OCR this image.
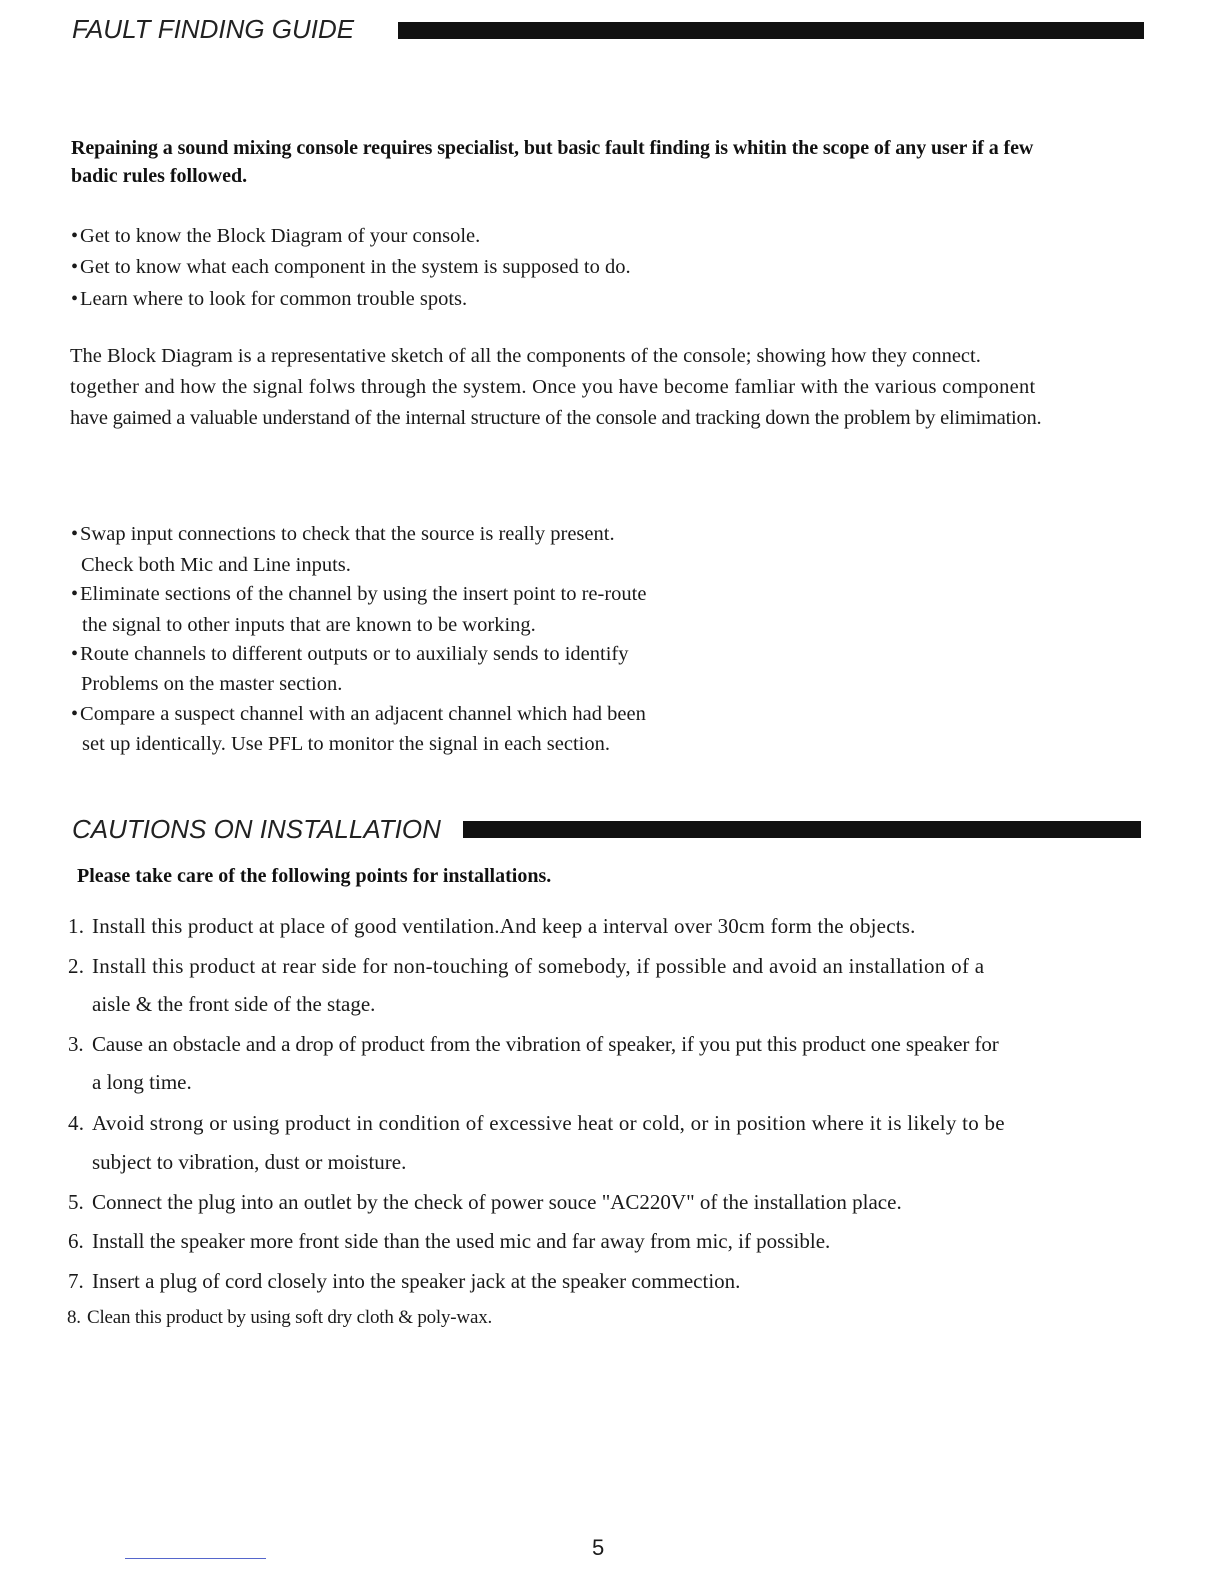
FAULT FINDING GUIDE
Repaining a sound mixing console requires specialist, but basic fault finding is whitin the scope of any user if a few
badic rules followed.
• Get to know the Block Diagram of your console.
• Get to know what each component in the system is supposed to do.
• Learn where to look for common trouble spots.
The Block Diagram is a representative sketch of all the components of the console; showing how they connect.
together and how the signal folws through the system. Once you have become famliar with the various component
have gaimed a valuable understand of the internal structure of the console and tracking down the problem by elimimation.
• Swap input connections to check that the source is really present.
Check both Mic and Line inputs.
• Eliminate sections of the channel by using the insert point to re-route
the signal to other inputs that are known to be working.
• Route channels to different outputs or to auxilialy sends to identify
Problems on the master section.
• Compare a suspect channel with an adjacent channel which had been
set up identically. Use PFL to monitor the signal in each section.
CAUTIONS ON INSTALLATION
Please take care of the following points for installations.
1. Install this product at place of good ventilation.And keep a interval over 30cm form the objects.
2. Install this product at rear side for non-touching of somebody, if possible and avoid an installation of a
aisle & the front side of the stage.
3. Cause an obstacle and a drop of product from the vibration of speaker, if you put this product one speaker for
a long time.
4. Avoid strong or using product in condition of excessive heat or cold, or in position where it is likely to be
subject to vibration, dust or moisture.
5. Connect the plug into an outlet by the check of power souce "AC220V" of the installation place.
6. Install the speaker more front side than the used mic and far away from mic, if possible.
7. Insert a plug of cord closely into the speaker jack at the speaker commection.
8. Clean this product by using soft dry cloth & poly-wax.
5
